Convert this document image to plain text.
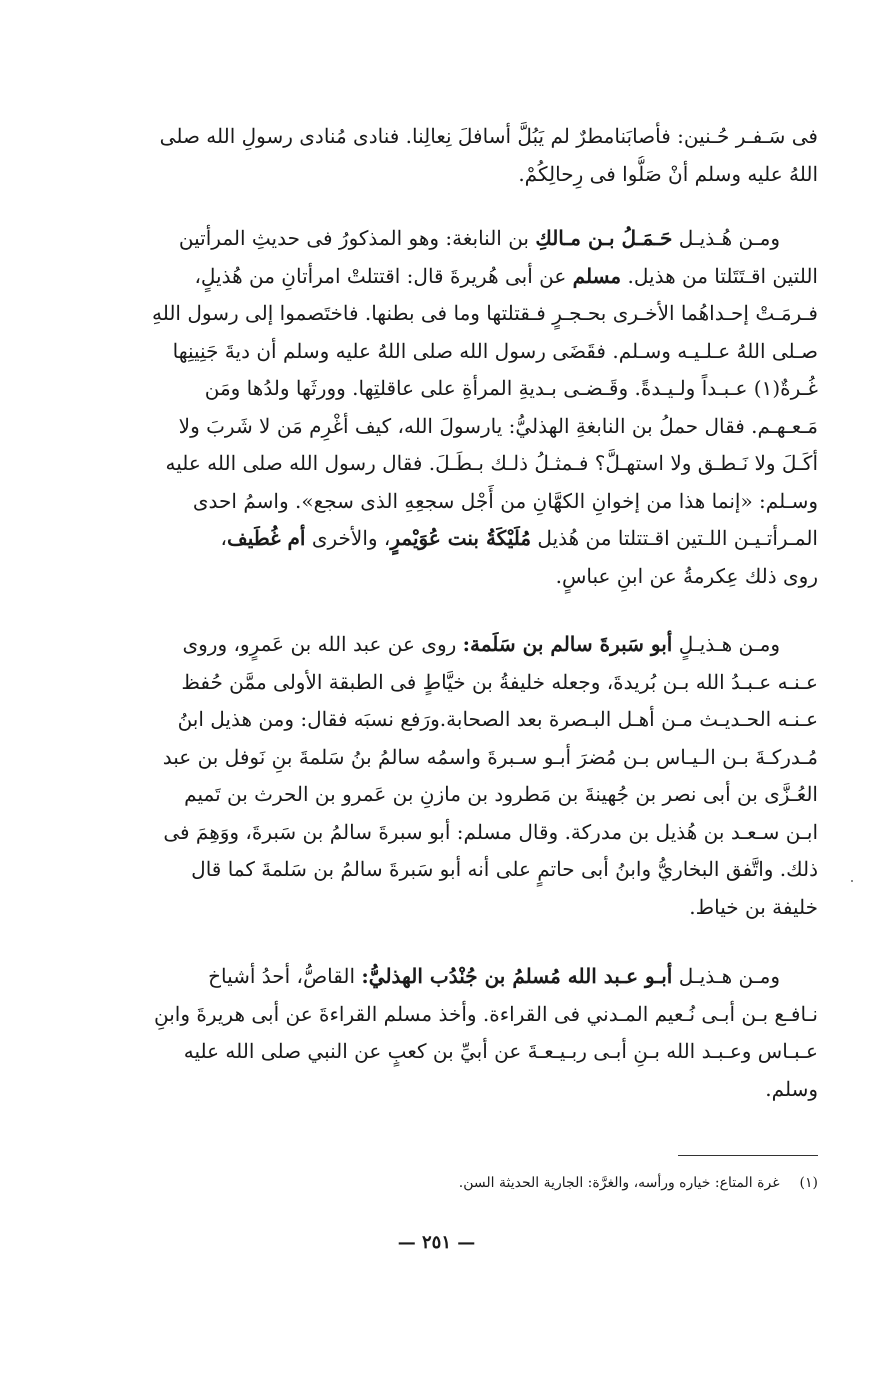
فى سَـفـر حُـنين: فأصابَنامطرٌ لم يَبُلَّ أسافلَ نِعالِنا. فنادى مُنادى رسولِ الله صلى
اللهُ عليه وسلم أنْ صَلُّوا فى رِحالِكُمْ.
ومـن هُـذيـل حَـمَـلُ بـن مـالكِ بن النابغة: وهو المذكورُ فى حديثِ المرأتين
اللتين اقـتَتَلتا من هذيل. مسلم عن أبى هُريرةَ قال: اقتتلتْ امرأتانِ من هُذيلٍ،
فـرمَـتْ إحـداهُما الأخـرى بحـجـرٍ فـقتلتها وما فى بطنها. فاختَصموا إلى رسول اللهِ
صـلى اللهُ عـلـيـه وسـلم. فقَضَى رسول الله صلى اللهُ عليه وسلم أن ديةَ جَنِينِها
غُـرةٌ(١) عـبـداً ولـيـدةً. وقَـضـى بـديةِ المرأةِ على عاقلتِها. وورثَها ولدُها ومَن
مَـعـهـم. فقال حملُ بن النابغةِ الهذليُّ: يارسولَ الله، كيف أغْرِم مَن لا شَربَ ولا
أكَـلَ ولا نَـطـق ولا استهـلَّ؟ فـمثـلُ ذلـك بـطَـلَ. فقال رسول الله صلى الله عليه
وسـلم: «إنما هذا من إخوانِ الكهَّانِ من أَجْل سجعِهِ الذى سجع». واسمُ احدى
المـرأتـيـن اللـتين اقـتتلتا من هُذيل مُلَيْكَةُ بنت عُوَيْمرٍ، والأخرى أم غُطَيف،
روى ذلك عِكرمةُ عن ابنِ عباسٍ.
ومـن هـذيـلٍ أبو سَبرةَ سالم بن سَلَمة: روى عن عبد الله بن عَمرٍو، وروى
عـنـه عـبـدُ الله بـن بُريدةَ، وجعله خليفةُ بن خيَّاطٍ فى الطبقة الأولى ممَّن حُفظ
عـنـه الحـديـث مـن أهـل البـصرة بعد الصحابة.ورَفع نسبَه فقال: ومن هذيل ابنُ
مُـدركـةَ بـن الـيـاس بـن مُضرَ أبـو سـبرةَ واسمُه سالمُ بنُ سَلمةَ بنِ نَوفل بن عبد
العُـزَّى بن أبى نصر بن جُهينةَ بن مَطرود بن مازنِ بن عَمرو بن الحرث بن تَميم
ابـن سـعـد بن هُذيل بن مدركة. وقال مسلم: أبو سبرةَ سالمُ بن سَبرةَ، ووَهِمَ فى
ذلك. واتَّفق البخاريُّ وابنُ أبى حاتمٍ على أنه أبو سَبرةَ سالمُ بن سَلمةَ كما قال
خليفة بن خياط.
ومـن هـذيـل أبـو عـبد الله مُسلمُ بن جُنْدُب الهذليُّ: القاصُّ، أحدُ أشياخ
نـافـع بـن أبـى نُـعيم المـدني فى القراءة. وأخذ مسلم القراءةَ عن أبى هريرةَ وابنِ
عـبـاس وعـبـد الله بـنِ أبـى ربـيـعـةَ عن أبيِّ بن كعبٍ عن النبي صلى الله عليه
وسلم.
(١)غرة المتاع: خياره ورأسه، والغرَّة: الجارية الحديثة السن.
— ٢٥١ —
